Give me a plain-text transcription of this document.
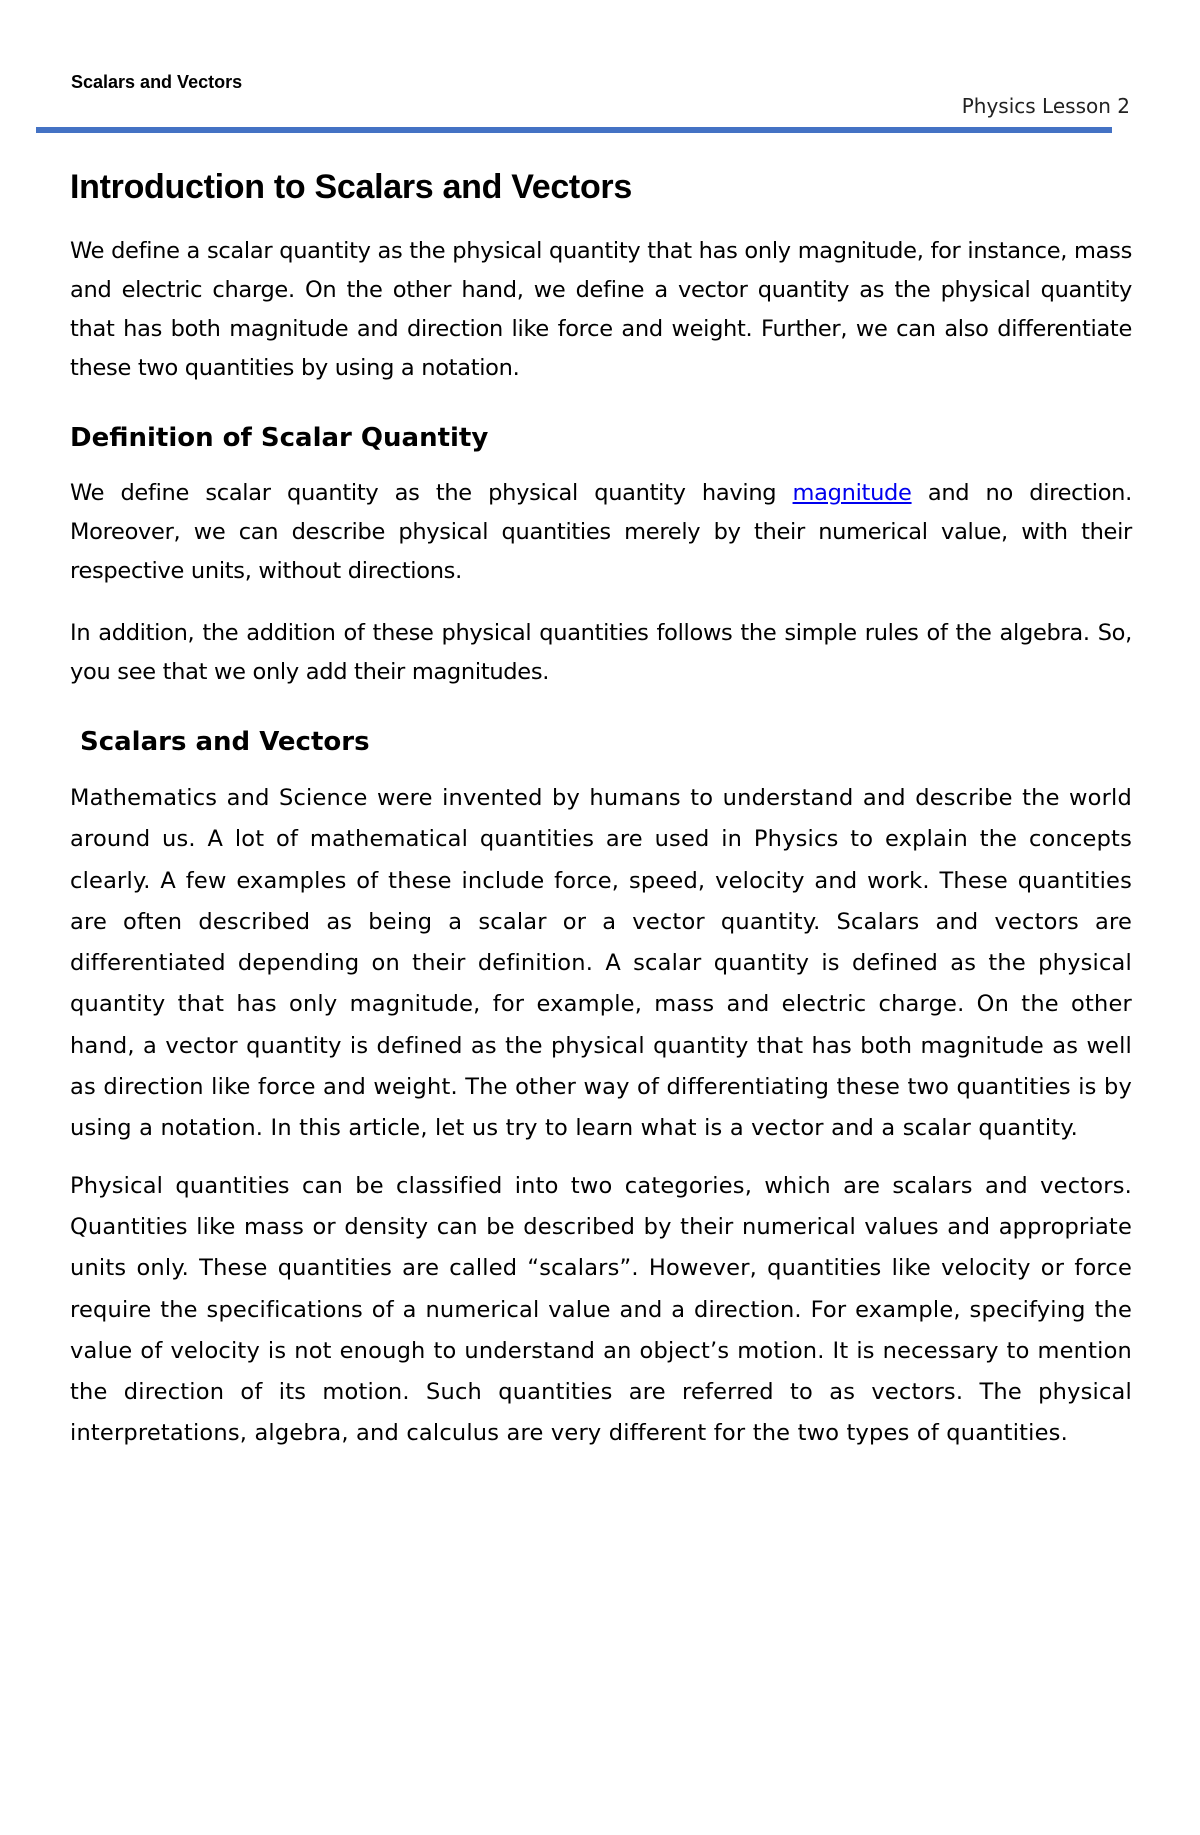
Scalars and Vectors
Physics Lesson 2
Introduction to Scalars and Vectors

We define a scalar quantity as the physical quantity that has only magnitude, for instance, mass and electric charge. On the other hand, we define a vector quantity as the physical quantity that has both magnitude and direction like force and weight. Further, we can also differentiate these two quantities by using a notation.

Definition of Scalar Quantity

We define scalar quantity as the physical quantity having magnitude and no direction. Moreover, we can describe physical quantities merely by their numerical value, with their respective units, without directions.

In addition, the addition of these physical quantities follows the simple rules of the algebra. So, you see that we only add their magnitudes.

Scalars and Vectors

Mathematics and Science were invented by humans to understand and describe the world around us. A lot of mathematical quantities are used in Physics to explain the concepts clearly. A few examples of these include force, speed, velocity and work. These quantities are often described as being a scalar or a vector quantity. Scalars and vectors are differentiated depending on their definition. A scalar quantity is defined as the physical quantity that has only magnitude, for example, mass and electric charge. On the other hand, a vector quantity is defined as the physical quantity that has both magnitude as well as direction like force and weight. The other way of differentiating these two quantities is by using a notation. In this article, let us try to learn what is a vector and a scalar quantity.

Physical quantities can be classified into two categories, which are scalars and vectors. Quantities like mass or density can be described by their numerical values and appropriate units only. These quantities are called “scalars”. However, quantities like velocity or force require the specifications of a numerical value and a direction. For example, specifying the value of velocity is not enough to understand an object’s motion. It is necessary to mention the direction of its motion. Such quantities are referred to as vectors. The physical interpretations, algebra, and calculus are very different for the two types of quantities.
